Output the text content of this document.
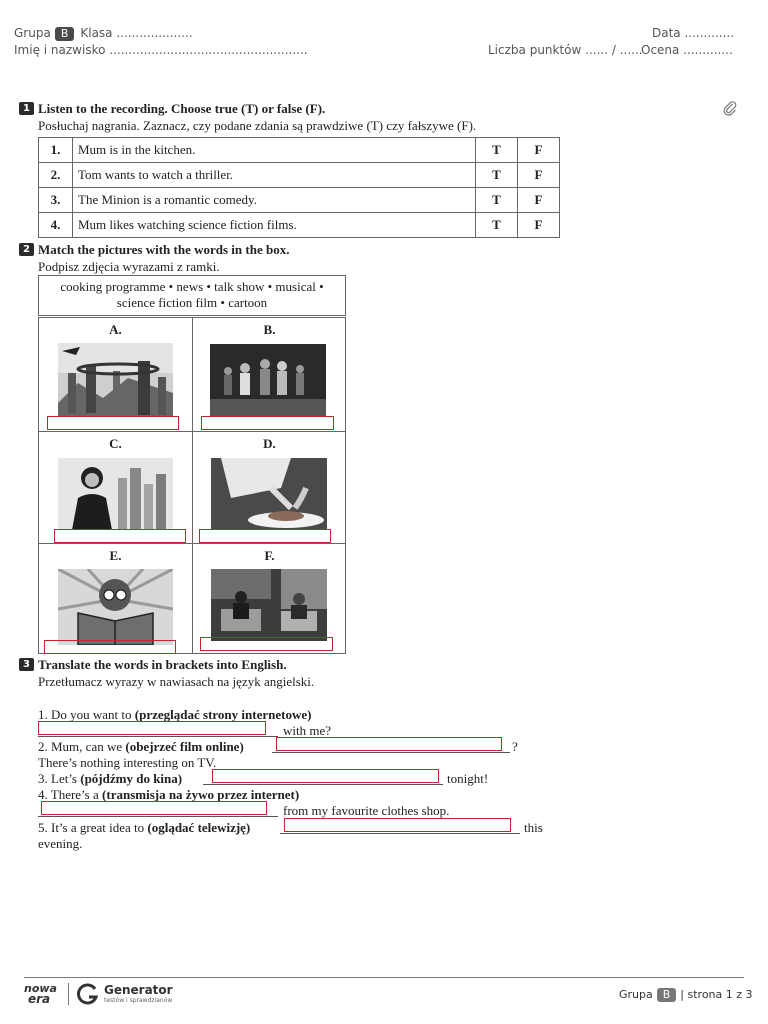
Grupa B Klasa ....................	Data .............
Imię i nazwisko ....................................................	Liczba punktów ...... / ......
Ocena .............
1 Listen to the recording. Choose true (T) or false (F).
Posłuchaj nagrania. Zaznacz, czy podane zdania są prawdziwe (T) czy fałszywe (F).
1.	Mum is in the kitchen.	T	F
2.	Tom wants to watch a thriller.	T	F
3.	The Minion is a romantic comedy.	T	F
4.	Mum likes watching science fiction films.	T	F
2 Match the pictures with the words in the box.
Podpisz zdjęcia wyrazami z ramki.
cooking programme • news • talk show • musical •
science fiction film • cartoon
A.	B.
C.	D.
E.	F.
3 Translate the words in brackets into English.
Przetłumacz wyrazy w nawiasach na język angielski.
1. Do you want to (przeglądać strony internetowe)
with me?
2. Mum, can we (obejrzeć film online)	?
There’s nothing interesting on TV.
3. Let’s (pójdźmy do kina)	tonight!
4. There’s a (transmisja na żywo przez internet)
from my favourite clothes shop.
5. It’s a great idea to (oglądać telewizję)	this
evening.
nowa
era
Generator
testów i sprawdzianów	Grupa B | strona 1 z 3
